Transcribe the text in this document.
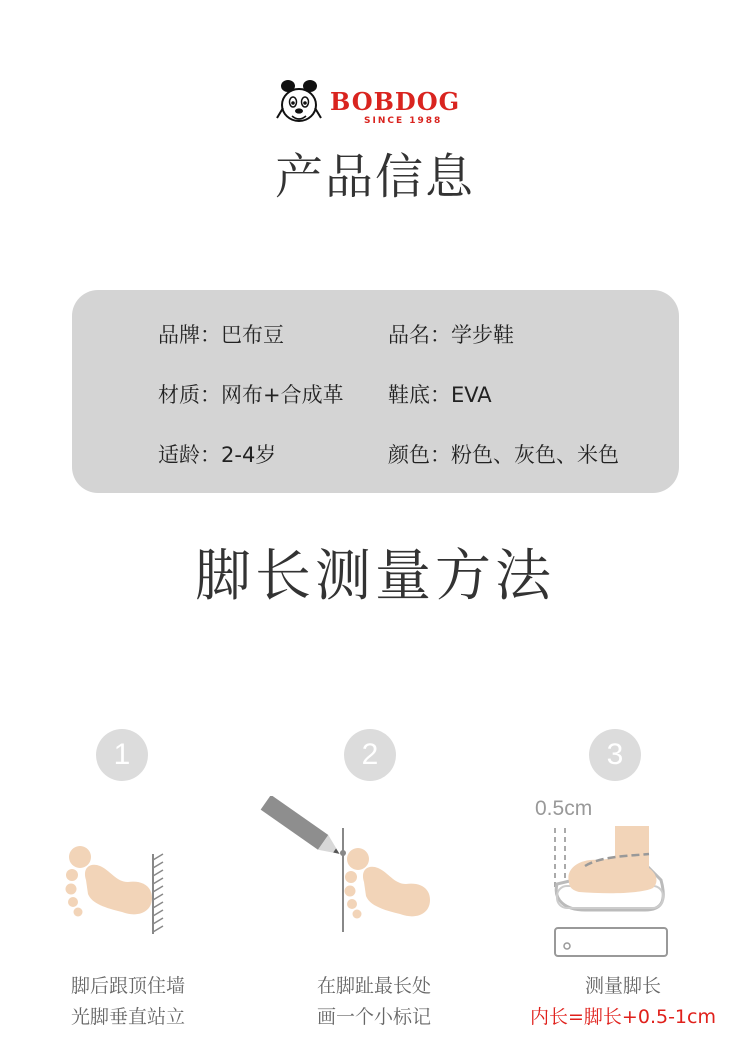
BOBDOG
SINCE 1988
产品信息
品牌：巴布豆	品名：学步鞋
材质：网布+合成革 鞋底：EVA
适龄：2-4岁	颜色：粉色、灰色、米色
脚长测量方法
1	2	3
0.5cm
脚后跟顶住墙
光脚垂直站立
在脚趾最长处
画一个小标记
测量脚长
内长=脚长+0.5-1cm
